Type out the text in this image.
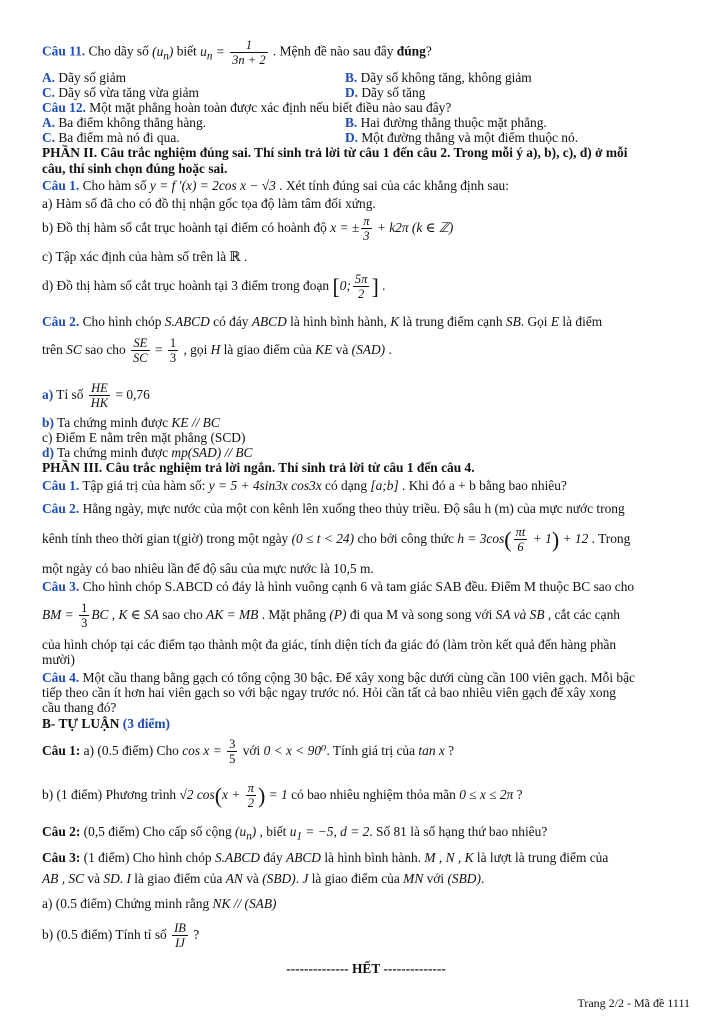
Câu 11. Cho dãy số $(u_n)$ biết $u_n = \frac{1}{3n + 2}$ . Mệnh đề nào sau đây đúng?
A. Dãy số giảm	B. Dãy số không tăng, không giảm
C. Dãy số vừa tăng vừa giảm	D. Dãy số tăng
Câu 12. Một mặt phẳng hoàn toàn được xác định nếu biết điều nào sau đây?
A. Ba điểm không thẳng hàng.	B. Hai đường thẳng thuộc mặt phẳng.
C. Ba điểm mà nó đi qua.	D. Một đường thẳng và một điểm thuộc nó.
PHẦN II. Câu trắc nghiệm đúng sai. Thí sinh trả lời từ câu 1 đến câu 2. Trong mỗi ý a), b), c), d) ở mỗi
câu, thí sinh chọn đúng hoặc sai.
Câu 1. Cho hàm số y = f ′(x) = 2cos x − √3 . Xét tính đúng sai của các khẳng định sau:
a) Hàm số đã cho có đồ thị nhận gốc tọa độ làm tâm đối xứng.
b) Đồ thị hàm số cắt trục hoành tại điểm có hoành độ x = ± $\frac{\pi}{3} + k2\pi$ (k ∈ ℤ)
c) Tập xác định của hàm số trên là ℝ .
d) Đồ thị hàm số cắt trục hoành tại 3 điểm trong đoạn [0; $\frac{5\pi}{2}$ ] .
Câu 2. Cho hình chóp S.ABCD có đáy ABCD là hình bình hành, K là trung điểm cạnh SB. Gọi E là điểm
trên SC sao cho $\frac{SE}{SC} = \frac{1}{3}$ , gọi H là giao điểm của KE và (SAD) .
a) Tỉ số $\frac{HE}{HK} = 0,76$
b) Ta chứng minh được KE // BC
c) Điểm E nằm trên mặt phẳng (SCD)
d) Ta chứng minh được mp(SAD) // BC
PHẦN III. Câu trắc nghiệm trả lời ngắn. Thí sinh trả lời từ câu 1 đến câu 4.
Câu 1. Tập giá trị của hàm số: y = 5 + 4sin3x cos3x có dạng [a;b] . Khi đó a + b bằng bao nhiêu?
Câu 2. Hằng ngày, mực nước của một con kênh lên xuống theo thủy triều. Độ sâu h (m) của mực nước trong
kênh tính theo thời gian t(giờ) trong một ngày (0 ≤ t < 24) cho bởi công thức $h = 3\cos( \frac{\pi t}{6} + 1) + 12$ . Trong
một ngày có bao nhiêu lần để độ sâu của mực nước là 10,5 m.
Câu 3. Cho hình chóp S.ABCD có đáy là hình vuông cạnh 6 và tam giác SAB đều. Điểm M thuộc BC sao cho
BM = $\frac{1}{3}$ BC , K ∈ SA sao cho AK = MB . Mặt phẳng (P) đi qua M và song song với SA và SB , cắt các cạnh
của hình chóp tại các điểm tạo thành một đa giác, tính diện tích đa giác đó (làm tròn kết quả đến hàng phần
mười)
Câu 4. Một cầu thang bằng gạch có tổng cộng 30 bậc. Để xây xong bậc dưới cùng cần 100 viên gạch. Mỗi bậc
tiếp theo cần ít hơn hai viên gạch so với bậc ngay trước nó. Hỏi cần tất cả bao nhiêu viên gạch để xây xong
cầu thang đó?
B- TỰ LUẬN (3 điểm)
Câu 1: a) (0.5 điểm) Cho $\cos x = \frac{3}{5}$ với 0 < x < 90⁰. Tính giá trị của tan x ?
b) (1 điểm) Phương trình √2 $\cos(x + \frac{\pi}{2}$ ) = 1 có bao nhiêu nghiệm thỏa mãn 0 ≤ x ≤ 2π ?
Câu 2: (0,5 điểm) Cho cấp số cộng $(u_n)$ , biết $u_1 = -5$, d = 2. Số 81 là số hạng thứ bao nhiêu?
Câu 3: (1 điểm) Cho hình chóp S.ABCD đáy ABCD là hình bình hành. M , N , K là lượt là trung điểm của
AB , SC và SD. I là giao điểm của AN và (SBD). J là giao điểm của MN với (SBD).
a) (0.5 điểm) Chứng minh rằng NK // (SAB)
b) (0.5 điểm) Tính tỉ số $\frac{IB}{IJ}$ ?
-------------- HẾT --------------
Trang 2/2 - Mã đề 1111
